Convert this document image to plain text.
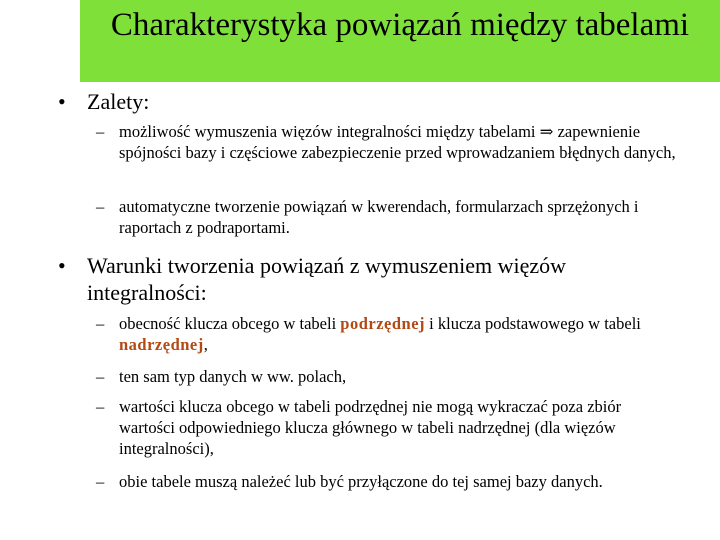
Charakterystyka powiązań między tabelami
• Zalety:
– możliwość wymuszenia więzów integralności między tabelami ⇒ zapewnienie spójności bazy i częściowe zabezpieczenie przed wprowadzaniem błędnych danych,
– automatyczne tworzenie powiązań w kwerendach, formularzach sprzężonych i raportach z podraportami.
• Warunki tworzenia powiązań z wymuszeniem więzów integralności:
– obecność klucza obcego w tabeli podrzędnej i klucza podstawowego w tabeli nadrzędnej,
– ten sam typ danych w ww. polach,
– wartości klucza obcego w tabeli podrzędnej nie mogą wykraczać poza zbiór wartości odpowiedniego klucza głównego w tabeli nadrzędnej (dla więzów integralności),
– obie tabele muszą należeć lub być przyłączone do tej samej bazy danych.
